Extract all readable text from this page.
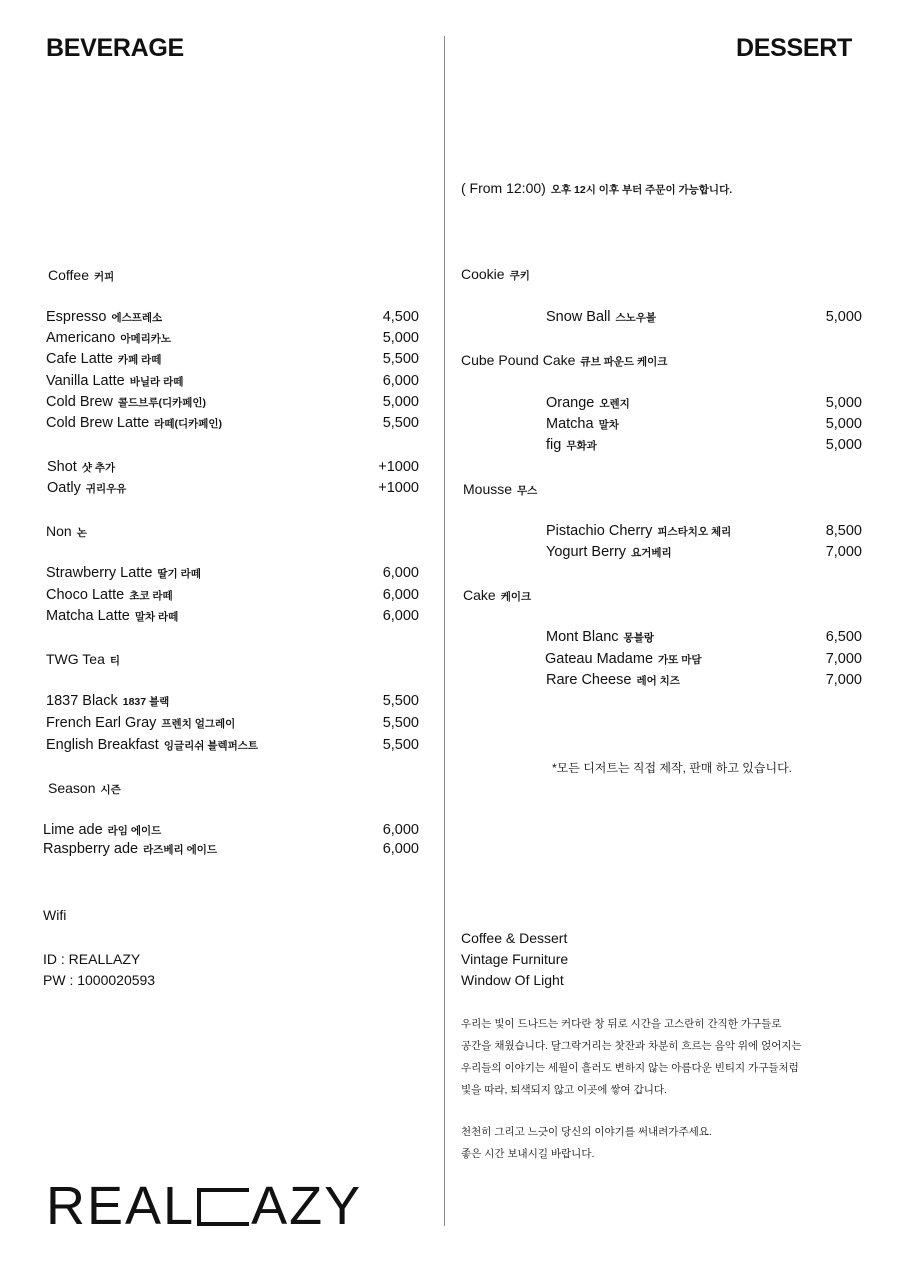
BEVERAGE	DESSERT
Coffee 커피
Espresso 에스프레소	4,500
Americano 아메리카노	5,000
Cafe Latte 카페 라떼	5,500
Vanilla Latte 바닐라 라떼	6,000
Cold Brew 콜드브루(디카페인)	5,000
Cold Brew Latte 라떼(디카페인)	5,500
Shot 샷 추가	+1000
Oatly 귀리우유	+1000
Non 논
Strawberry Latte 딸기 라떼	6,000
Choco Latte 초코 라떼	6,000
Matcha Latte 말차 라떼	6,000
TWG Tea 티
1837 Black 1837 블랙	5,500
French Earl Gray 프렌치 얼그레이	5,500
English Breakfast 잉글리쉬 블렉퍼스트	5,500
Season 시즌
Lime ade 라임 에이드	6,000
Raspberry ade 라즈베리 에이드	6,000
Wifi
ID : REALLAZY
PW : 1000020593
REAL AZY
( From 12:00) 오후 12시 이후 부터 주문이 가능합니다.
Cookie 쿠키
Snow Ball 스노우볼	5,000
Cube Pound Cake 큐브 파운드 케이크
Orange 오렌지	5,000
Matcha 말차	5,000
fig 무화과	5,000
Mousse 무스
Pistachio Cherry 피스타치오 체리	8,500
Yogurt Berry 요거베리	7,000
Cake 케이크
Mont Blanc 몽블랑	6,500
Gateau Madame 가또 마담	7,000
Rare Cheese 레어 치즈	7,000
*모든 디저트는 직접 제작, 판매 하고 있습니다.
Coffee & Dessert
Vintage Furniture
Window Of Light
우리는 빛이 드나드는 커다란 창 뒤로 시간을 고스란히 간직한 가구들로
공간을 채웠습니다. 달그락거리는 찻잔과 차분히 흐르는 음악 위에 얹어지는
우리들의 이야기는 세월이 흘러도 변하지 않는 아름다운 빈티지 가구들처럼
빛을 따라, 퇴색되지 않고 이곳에 쌓여 갑니다.
천천히 그리고 느긋이 당신의 이야기를 써내려가주세요.
좋은 시간 보내시길 바랍니다.
